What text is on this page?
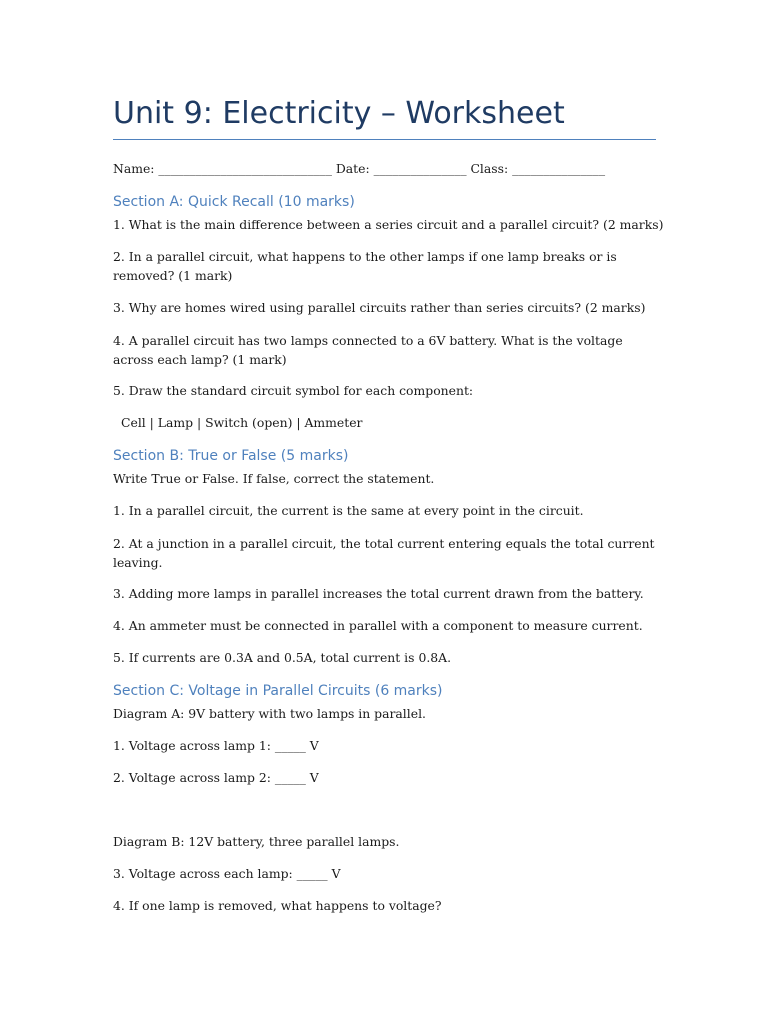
Unit 9: Electricity – Worksheet

Name: ____________________________ Date: _______________ Class: _______________

Section A: Quick Recall (10 marks)

1. What is the main difference between a series circuit and a parallel circuit? (2 marks)

2. In a parallel circuit, what happens to the other lamps if one lamp breaks or is removed? (1 mark)

3. Why are homes wired using parallel circuits rather than series circuits? (2 marks)

4. A parallel circuit has two lamps connected to a 6V battery. What is the voltage across each lamp? (1 mark)

5. Draw the standard circuit symbol for each component:

Cell | Lamp | Switch (open) | Ammeter

Section B: True or False (5 marks)

Write True or False. If false, correct the statement.

1. In a parallel circuit, the current is the same at every point in the circuit.

2. At a junction in a parallel circuit, the total current entering equals the total current leaving.

3. Adding more lamps in parallel increases the total current drawn from the battery.

4. An ammeter must be connected in parallel with a component to measure current.

5. If currents are 0.3A and 0.5A, total current is 0.8A.

Section C: Voltage in Parallel Circuits (6 marks)

Diagram A: 9V battery with two lamps in parallel.

1. Voltage across lamp 1: _____ V

2. Voltage across lamp 2: _____ V

Diagram B: 12V battery, three parallel lamps.

3. Voltage across each lamp: _____ V

4. If one lamp is removed, what happens to voltage?
